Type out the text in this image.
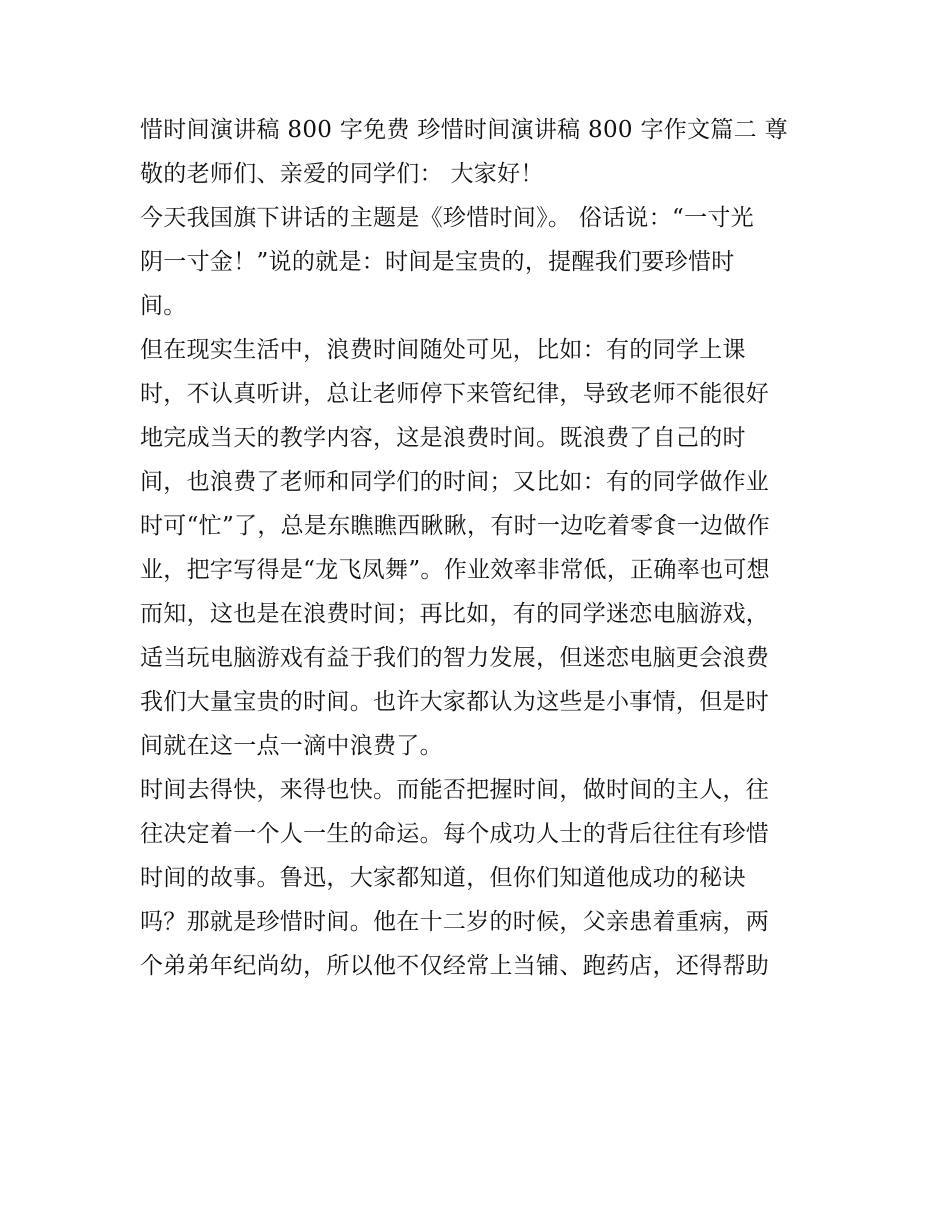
惜时间演讲稿 800 字免费 珍惜时间演讲稿 800 字作文篇二 尊
敬的老师们、亲爱的同学们： 大家好！
今天我国旗下讲话的主题是《珍惜时间》。 俗话说：“一寸光
阴一寸金！”说的就是：时间是宝贵的，提醒我们要珍惜时
间。
但在现实生活中，浪费时间随处可见，比如：有的同学上课
时，不认真听讲，总让老师停下来管纪律，导致老师不能很好
地完成当天的教学内容，这是浪费时间。既浪费了自己的时
间，也浪费了老师和同学们的时间；又比如：有的同学做作业
时可“忙”了，总是东瞧瞧西瞅瞅，有时一边吃着零食一边做作
业，把字写得是“龙飞凤舞”。作业效率非常低，正确率也可想
而知，这也是在浪费时间；再比如，有的同学迷恋电脑游戏，
适当玩电脑游戏有益于我们的智力发展，但迷恋电脑更会浪费
我们大量宝贵的时间。也许大家都认为这些是小事情，但是时
间就在这一点一滴中浪费了。
时间去得快，来得也快。而能否把握时间，做时间的主人，往
往决定着一个人一生的命运。每个成功人士的背后往往有珍惜
时间的故事。鲁迅，大家都知道，但你们知道他成功的秘诀
吗？那就是珍惜时间。他在十二岁的时候，父亲患着重病，两
个弟弟年纪尚幼，所以他不仅经常上当铺、跑药店，还得帮助
